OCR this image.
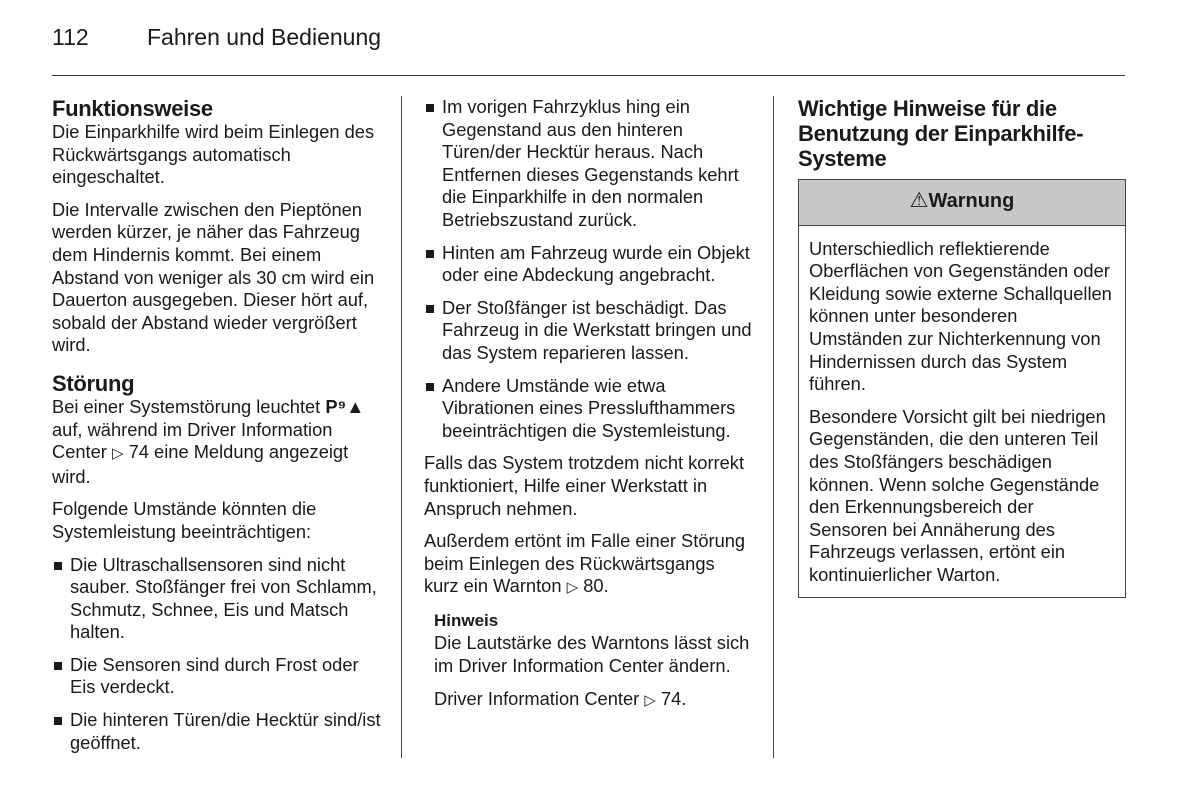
112	Fahren und Bedienung
Funktionsweise

Die Einparkhilfe wird beim Einlegen des Rückwärtsgangs automatisch eingeschaltet.

Die Intervalle zwischen den Pieptönen werden kürzer, je näher das Fahrzeug dem Hindernis kommt. Bei einem Abstand von weniger als 30 cm wird ein Dauerton ausgegeben. Dieser hört auf, sobald der Abstand wieder vergrößert wird.

Störung

Bei einer Systemstörung leuchtet P⁹▲ auf, während im Driver Information Center ▷ 74 eine Meldung angezeigt wird.

Folgende Umstände könnten die Systemleistung beeinträchtigen:

Die Ultraschallsensoren sind nicht sauber. Stoßfänger frei von Schlamm, Schmutz, Schnee, Eis und Matsch halten.
Die Sensoren sind durch Frost oder Eis verdeckt.
Die hinteren Türen/die Hecktür sind/ist geöffnet.
Im vorigen Fahrzyklus hing ein Gegenstand aus den hinteren Türen/der Hecktür heraus. Nach Entfernen dieses Gegenstands kehrt die Einparkhilfe in den normalen Betriebszustand zurück.
Hinten am Fahrzeug wurde ein Objekt oder eine Abdeckung angebracht.
Der Stoßfänger ist beschädigt. Das Fahrzeug in die Werkstatt bringen und das System reparieren lassen.
Andere Umstände wie etwa Vibrationen eines Presslufthammers beeinträchtigen die Systemleistung.

Falls das System trotzdem nicht korrekt funktioniert, Hilfe einer Werkstatt in Anspruch nehmen.

Außerdem ertönt im Falle einer Störung beim Einlegen des Rückwärtsgangs kurz ein Warnton ▷ 80.

Hinweis

Die Lautstärke des Warntons lässt sich im Driver Information Center ändern.

Driver Information Center ▷ 74.

Wichtige Hinweise für die Benutzung der Einparkhilfe-Systeme
⚠Warnung

Unterschiedlich reflektierende Oberflächen von Gegenständen oder Kleidung sowie externe Schallquellen können unter besonderen Umständen zur Nichterkennung von Hindernissen durch das System führen.

Besondere Vorsicht gilt bei niedrigen Gegenständen, die den unteren Teil des Stoßfängers beschädigen können. Wenn solche Gegenstände den Erkennungsbereich der Sensoren bei Annäherung des Fahrzeugs verlassen, ertönt ein kontinuierlicher Warton.
